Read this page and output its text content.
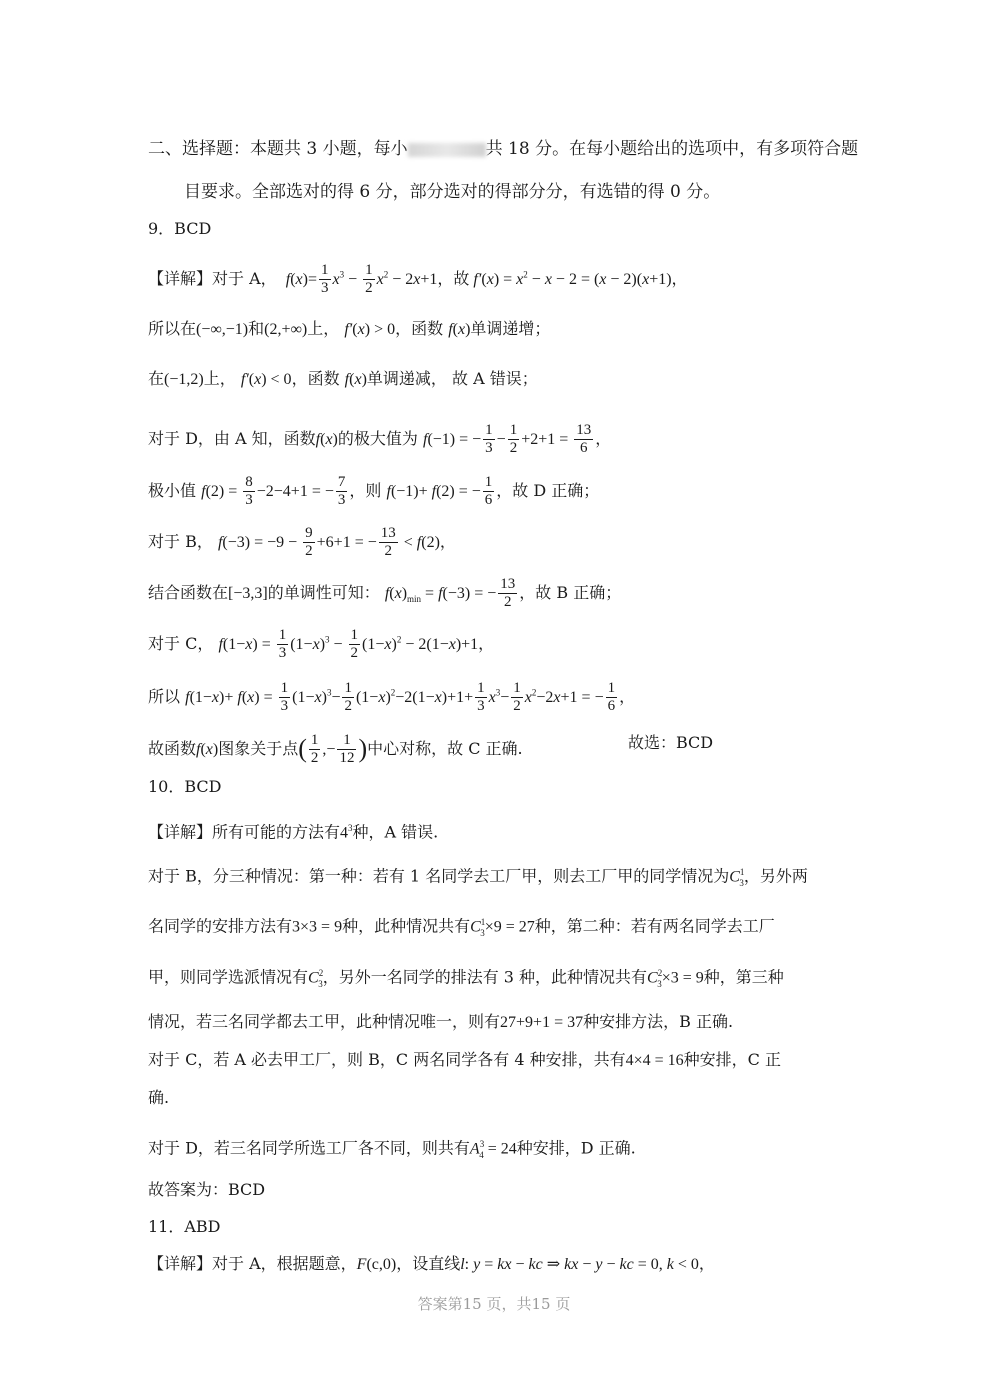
二、选择题：本题共 3 小题，每小	共 18 分。在每小题给出的选项中，有多项符合题
目要求。全部选对的得 6 分，部分选对的得部分分，有选错的得 0 分。
9．BCD
【详解】对于 A，  $f(x)= \frac{1}{3} x^3 - \frac{1}{2} x^2 - 2x+1$，故 $f'(x) = x^2 - x - 2 = (x - 2)(x+1)$，
所以在(−∞,−1)和(2,+∞)上， f′(x) > 0，函数 f(x)单调递增；
在(−1,2)上， f′(x) < 0，函数 f(x)单调递减， 故 A 错误；
对于 D，由 A 知，函数f(x)的极大值为 f(−1) = − $\frac{1}{3} - \frac{1}{2} +2+1 = \frac{13}{6}$ ，
极小值 $f(2) = \frac{8}{3} -2-4+1$ = − $\frac{7}{3}$ ，则 f(−1)+ f(2) = − $\frac{1}{6}$ ，故 D 正确；
对于 B， $f(-3) = -9 - \frac{9}{2} +6+1$ = − $\frac{13}{2} < f(2)$，
结合函数在[−3,3]的单调性可知： $f(x)_{min} = f(-3)$ = − $\frac{13}{2}$ ，故 B 正确；
对于 C， $f(1-x) = \frac{1}{3} (1-x)^3 - \frac{1}{2} (1-x)^2 - 2(1-x)+1$，
所以 $f(1-x)+ f(x) = \frac{1}{3} (1-x)^3- \frac{1}{2} (1-x)^2-2(1-x)+1+ \frac{1}{3} x^3- \frac{1}{2} x^2-2x+1$ = − $\frac{1}{6}$ ，
故函数f(x)图象关于点( $\frac{1}{2}$ ,− $\frac{1}{12}$ )中心对称，故 C 正确.	故选：BCD
10．BCD
【详解】所有可能的方法有$4^3$种，A 错误.
对于 B，分三种情况：第一种：若有 1 名同学去工厂甲，则去工厂甲的同学情况为$C^1_3$，另外两
名同学的安排方法有3×3 = 9种，此种情况共有$C^1_3\times 9 = 27$种，第二种：若有两名同学去工厂
甲，则同学选派情况有$C^2_3$，另外一名同学的排法有 3 种，此种情况共有$C^2_3\times 3 = 9$种，第三种
情况，若三名同学都去工甲，此种情况唯一，则有27+9+1 = 37种安排方法，B 正确.
对于 C，若 A 必去甲工厂，则 B，C 两名同学各有 4 种安排，共有4×4 = 16种安排，C 正
确.
对于 D，若三名同学所选工厂各不同，则共有$A^3_4 = 24$种安排，D 正确.
故答案为：BCD
11．ABD
【详解】对于 A，根据题意，F(c,0)，设直线l: y = kx − kc ⇒ kx − y − kc = 0, k < 0，
答案第15 页，共15 页
